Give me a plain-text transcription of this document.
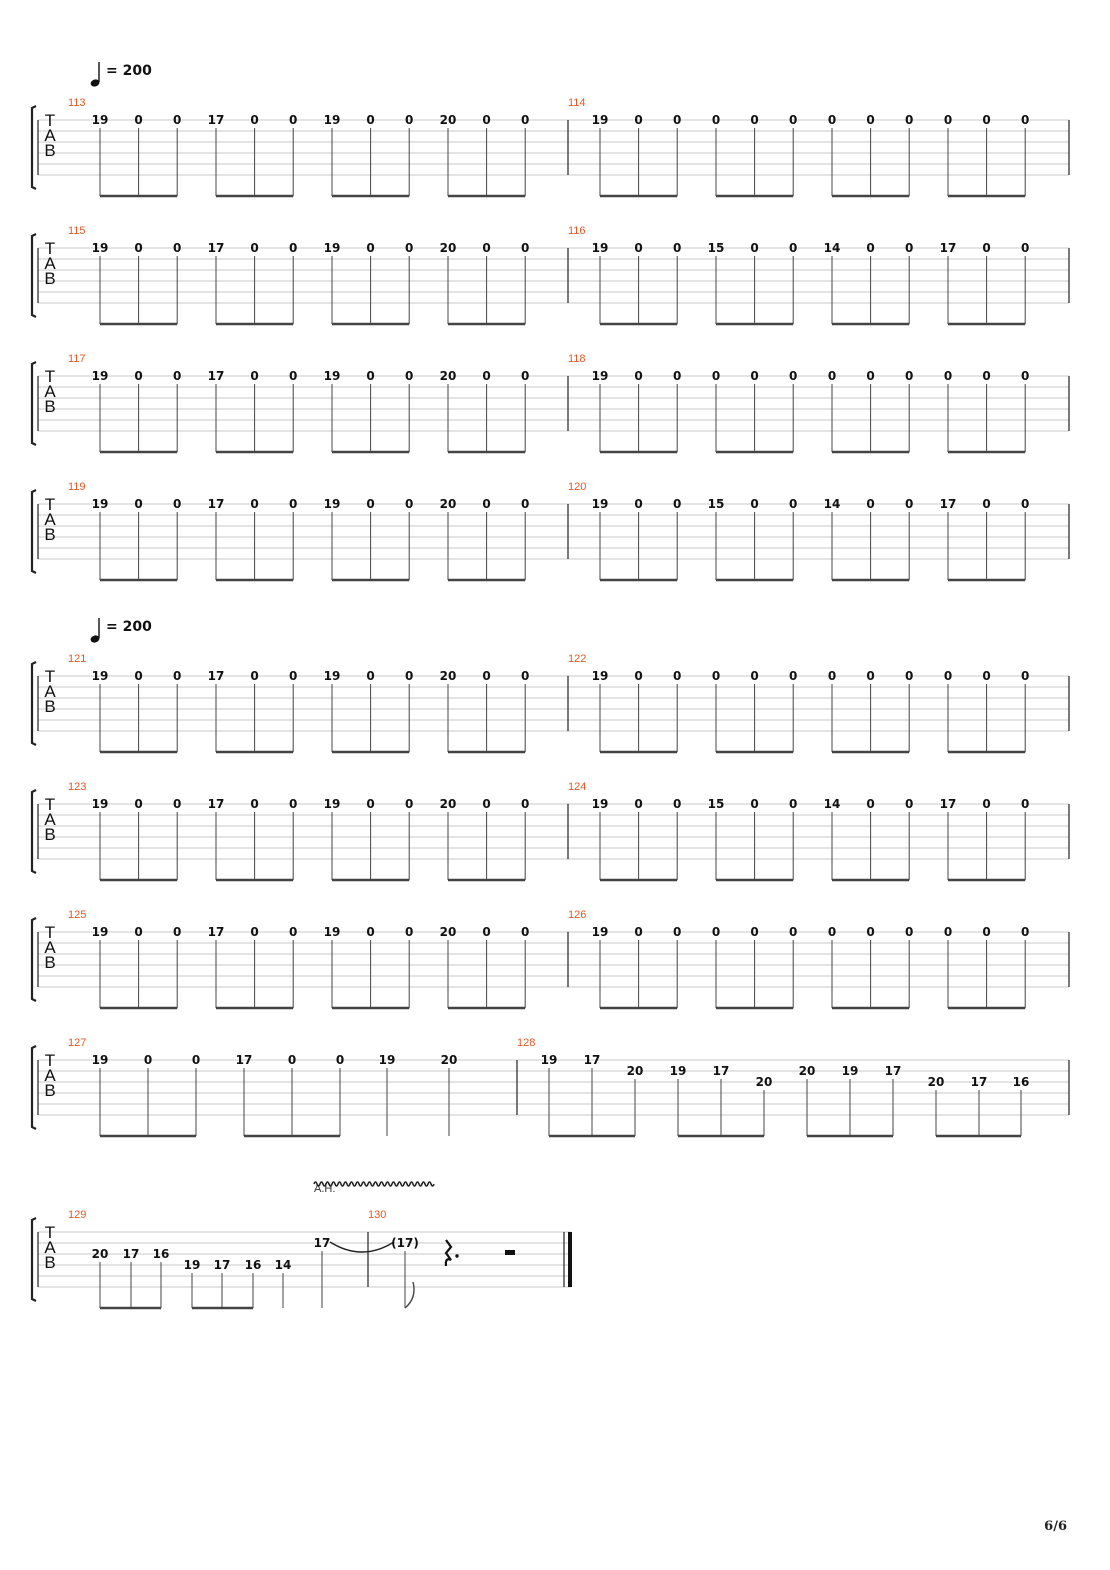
= 200
T
A
B
113
19 0	0 17 0	0 19 0	0 20 0	0
114
19 0	0	0	0	0	0	0	0	0	0	0
T
A
B
115
19 0	0 17 0	0 19 0	0 20 0	0
116
19 0	0 15 0	0 14 0	0 17 0	0
T
A
B
117
19 0	0 17 0	0 19 0	0 20 0	0
118
19 0	0	0	0	0	0	0	0	0	0	0
T
A
B
119
19 0	0 17 0	0 19 0	0 20 0	0
120
19 0	0 15 0	0 14 0	0 17 0	0
= 200
T
A
B
121
19 0	0 17 0	0 19 0	0 20 0	0
122
19 0	0	0	0	0	0	0	0	0	0	0
T
A
B
123
19 0	0 17 0	0 19 0	0 20 0	0
124
19 0	0 15 0	0 14 0	0 17 0	0
T
A
B
125
19 0	0 17 0	0 19 0	0 20 0	0
126
19 0	0	0	0	0	0	0	0	0	0	0
T
A
B
127
19	0	0	17	0	0	19	20
128
19 17
20 19 17
20
20 19 17
20 17 16
T
A
B
A.H.
129
20 17 16
19 17 16 14
17
130
(17)
6/6
